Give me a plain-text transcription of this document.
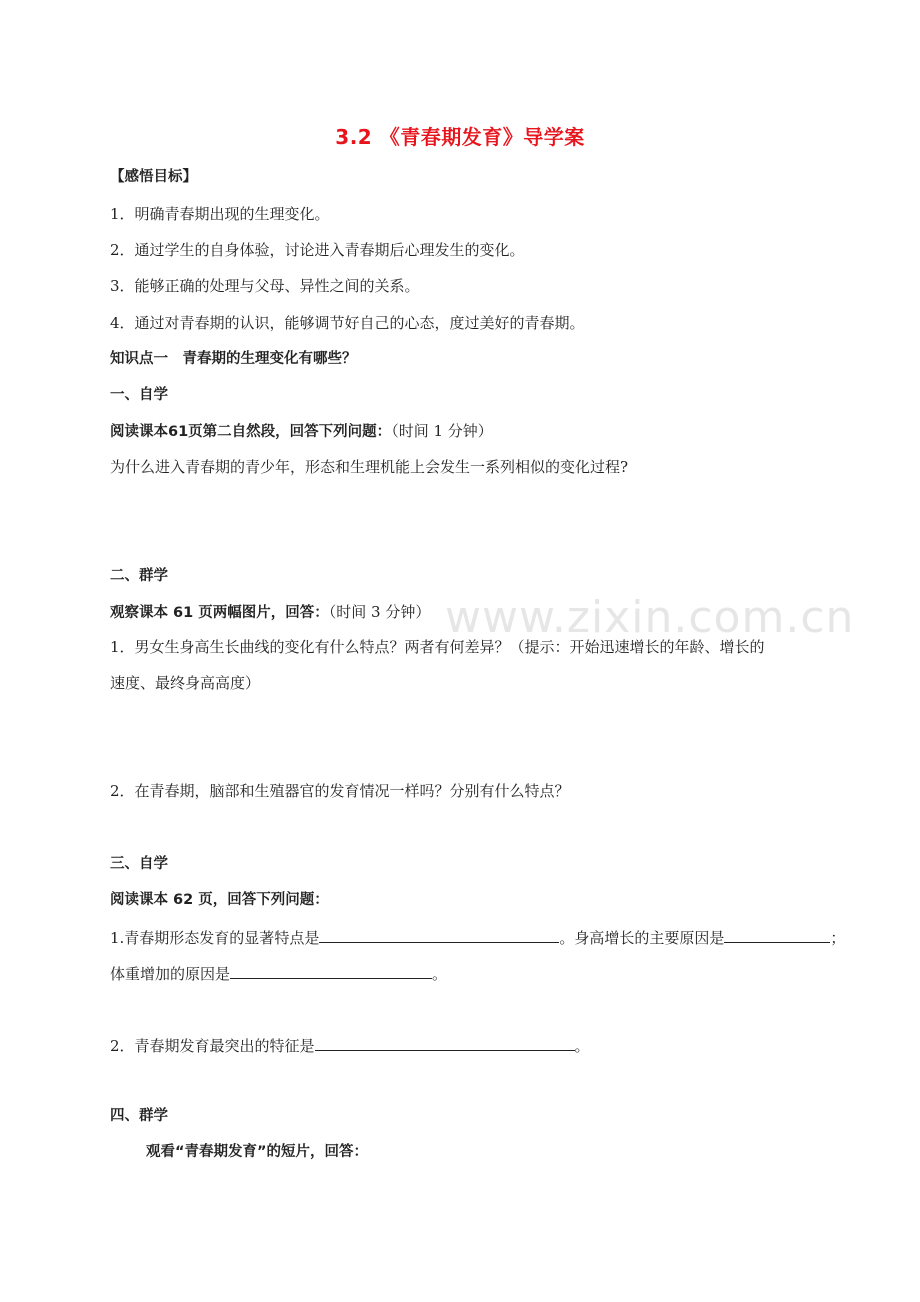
www.zixin.com.cn
3.2 《青春期发育》导学案
【感悟目标】
1．明确青春期出现的生理变化。
2．通过学生的自身体验，讨论进入青春期后心理发生的变化。
3．能够正确的处理与父母、异性之间的关系。
4．通过对青春期的认识，能够调节好自己的心态，度过美好的青春期。
知识点一　青春期的生理变化有哪些？
一、自学
阅读课本61页第二自然段，回答下列问题：（时间 1 分钟）
为什么进入青春期的青少年，形态和生理机能上会发生一系列相似的变化过程?
二、群学
观察课本 61 页两幅图片，回答：（时间 3 分钟）
1．男女生身高生长曲线的变化有什么特点？两者有何差异？（提示：开始迅速增长的年龄、增长的
速度、最终身高高度）
2．在青春期，脑部和生殖器官的发育情况一样吗？分别有什么特点？
三、自学
阅读课本 62 页，回答下列问题：
1.青春期形态发育的显著特点是	。身高增长的主要原因是	；
体重增加的原因是	。
2．青春期发育最突出的特征是	。
四、群学
观看“青春期发育”的短片，回答：
